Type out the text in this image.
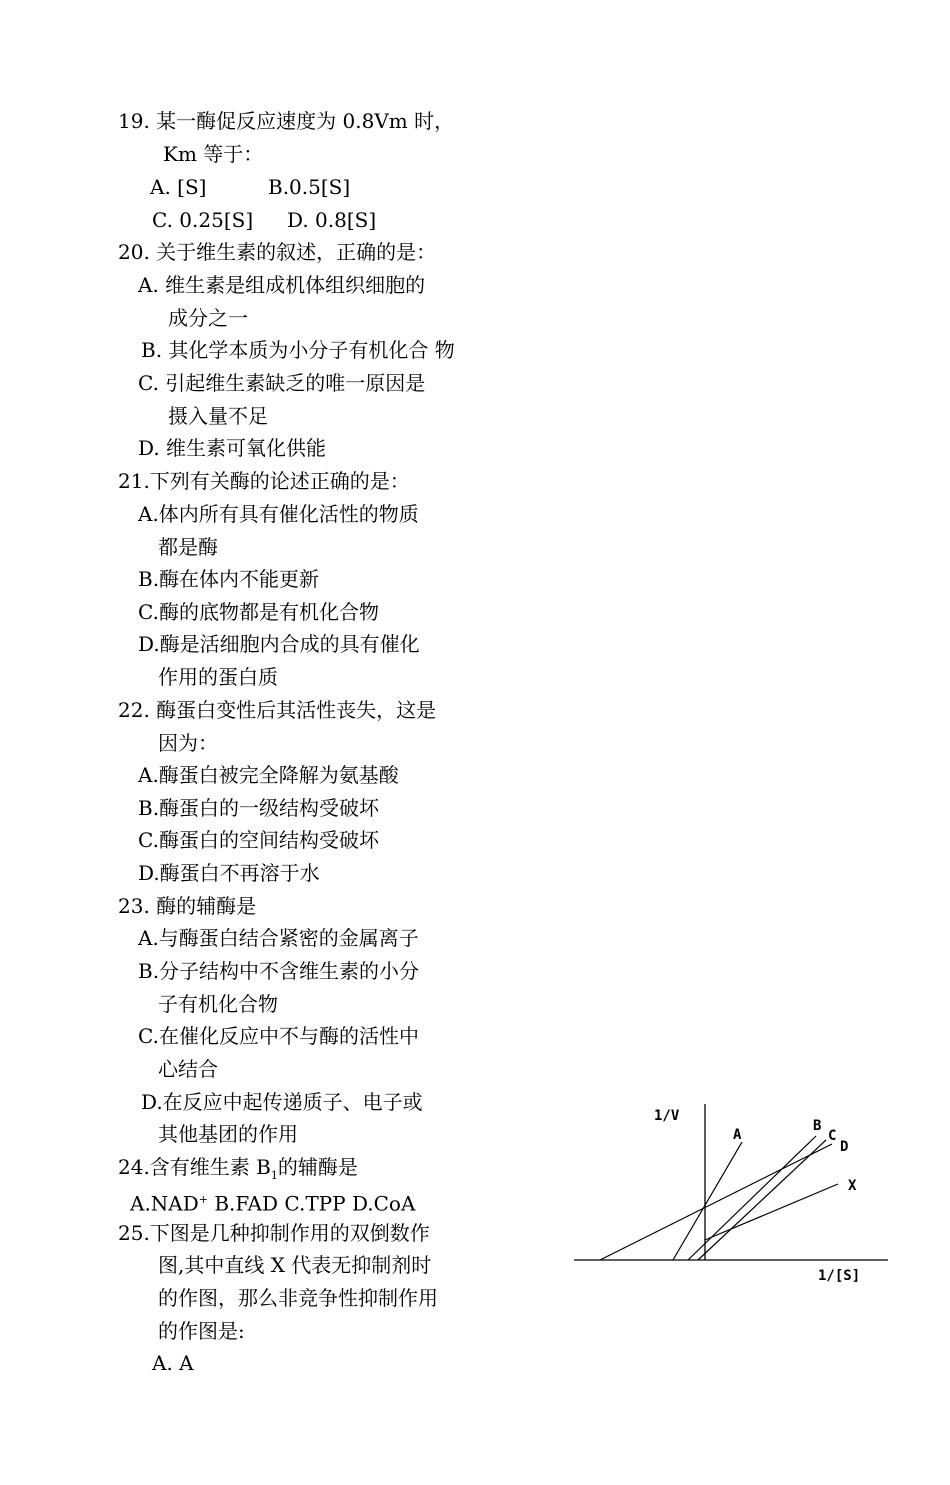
19. 某一酶促反应速度为 0.8Vm 时，
Km 等于：
A. [S]	B.0.5[S]
C. 0.25[S] D. 0.8[S]
20. 关于维生素的叙述，正确的是：
A. 维生素是组成机体组织细胞的
成分之一
B. 其化学本质为小分子有机化合 物
C. 引起维生素缺乏的唯一原因是
摄入量不足
D. 维生素可氧化供能
21.下列有关酶的论述正确的是：
A.体内所有具有催化活性的物质
都是酶
B.酶在体内不能更新
C.酶的底物都是有机化合物
D.酶是活细胞内合成的具有催化
作用的蛋白质
22. 酶蛋白变性后其活性丧失，这是
因为：
A.酶蛋白被完全降解为氨基酸
B.酶蛋白的一级结构受破坏
C.酶蛋白的空间结构受破坏
D.酶蛋白不再溶于水
23. 酶的辅酶是
A.与酶蛋白结合紧密的金属离子
B.分子结构中不含维生素的小分
子有机化合物
C.在催化反应中不与酶的活性中
心结合
D.在反应中起传递质子、电子或
其他基团的作用
24.含有维生素 $B_1$的辅酶是
A.NAD+ B.FAD C.TPP D.CoA
25.下图是几种抑制作用的双倒数作
图,其中直线 X 代表无抑制剂时
的作图，那么非竞争性抑制作用
的作图是:
A. A
1/V
1/[S]
A
B
C
D
X
